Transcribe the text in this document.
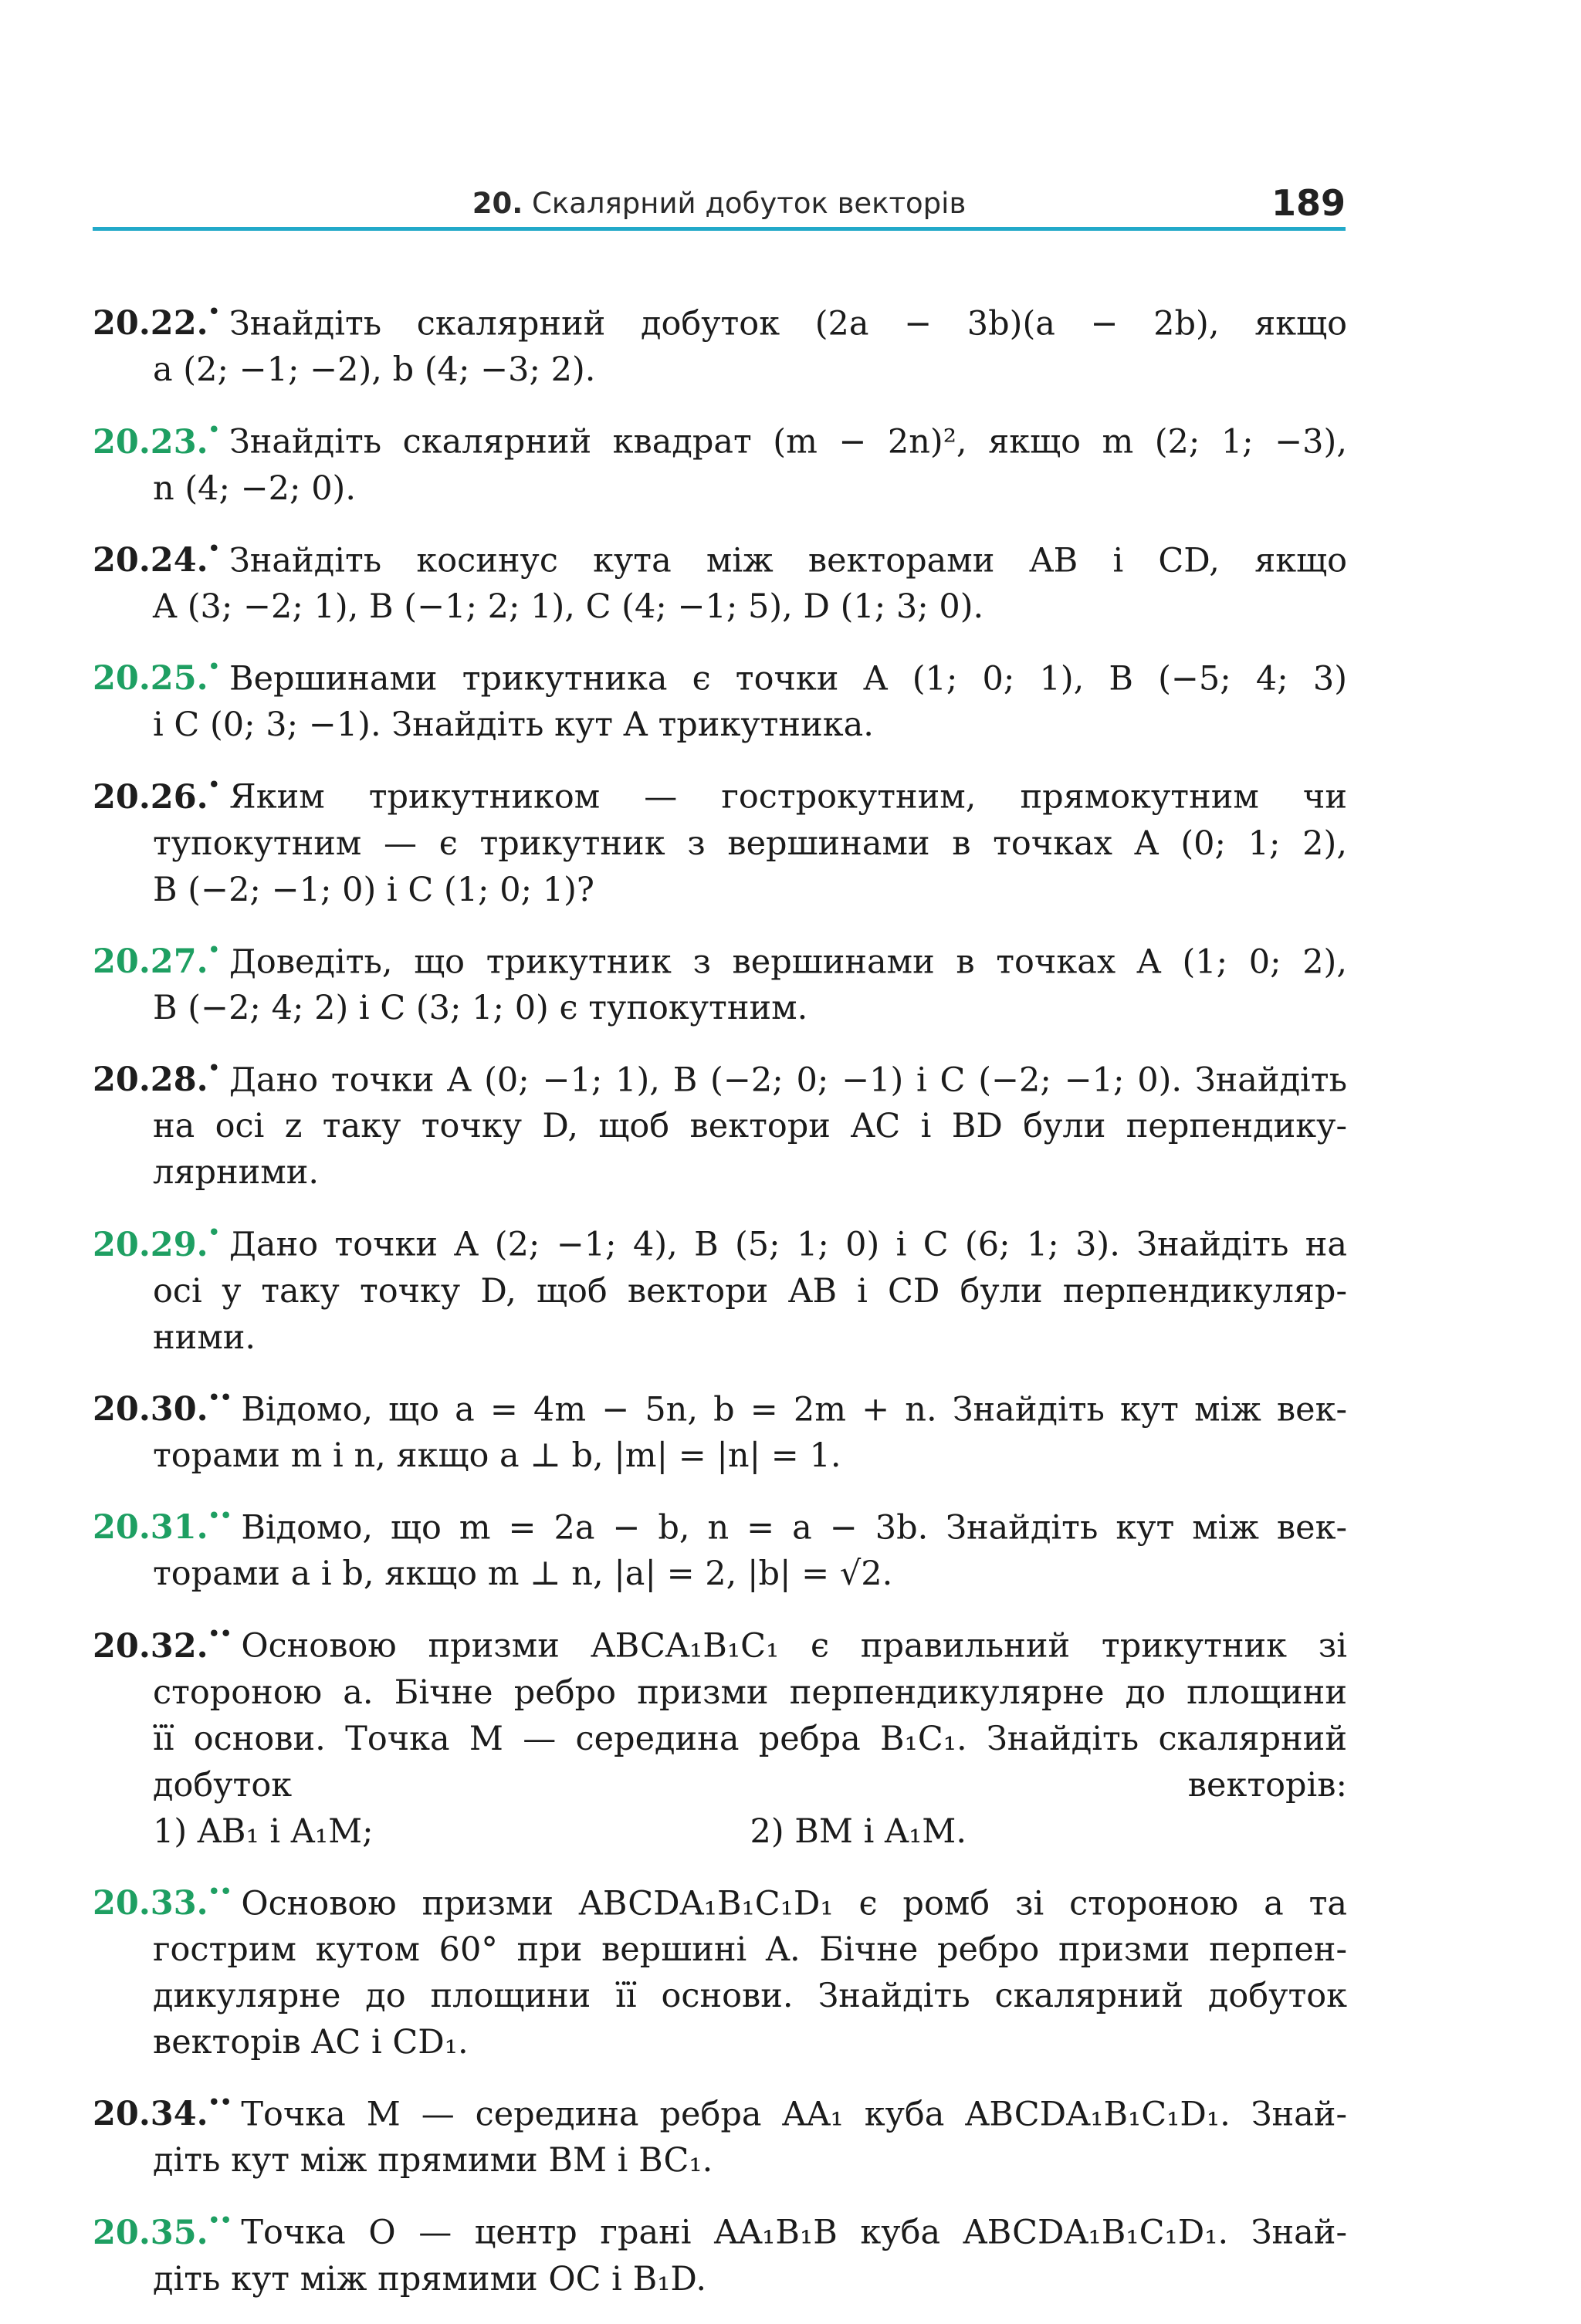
20. Скалярний добуток векторів	189
20.22.• Знайдіть скалярний добуток (2a − 3b)(a − 2b), якщо
a (2; −1; −2), b (4; −3; 2).
20.23.• Знайдіть скалярний квадрат (m − 2n)², якщо m (2; 1; −3),
n (4; −2; 0).
20.24.• Знайдіть косинус кута між векторами AB і CD, якщо
A (3; −2; 1), B (−1; 2; 1), C (4; −1; 5), D (1; 3; 0).
20.25.• Вершинами трикутника є точки A (1; 0; 1), B (−5; 4; 3)
і C (0; 3; −1). Знайдіть кут A трикутника.
20.26.• Яким трикутником — гострокутним, прямокутним чи
тупокутним — є трикутник з вершинами в точках A (0; 1; 2),
B (−2; −1; 0) і C (1; 0; 1)?
20.27.• Доведіть, що трикутник з вершинами в точках A (1; 0; 2),
B (−2; 4; 2) і C (3; 1; 0) є тупокутним.
20.28.• Дано точки A (0; −1; 1), B (−2; 0; −1) і C (−2; −1; 0). Знайдіть
на осі z таку точку D, щоб вектори AC і BD були перпендику-
лярними.
20.29.• Дано точки A (2; −1; 4), B (5; 1; 0) і C (6; 1; 3). Знайдіть на
осі y таку точку D, щоб вектори AB і CD були перпендикуляр-
ними.
20.30.•• Відомо, що a = 4m − 5n, b = 2m + n. Знайдіть кут між век-
торами m і n, якщо a ⊥ b, |m| = |n| = 1.
20.31.•• Відомо, що m = 2a − b, n = a − 3b. Знайдіть кут між век-
торами a і b, якщо m ⊥ n, |a| = 2, |b| = √2.
20.32.•• Основою призми ABCA₁B₁C₁ є правильний трикутник зі
стороною a. Бічне ребро призми перпендикулярне до площини
її основи. Точка M — середина ребра B₁C₁. Знайдіть скалярний
добуток векторів:
1) AB₁ і A₁M;	2) BM і A₁M.
20.33.•• Основою призми ABCDA₁B₁C₁D₁ є ромб зі стороною a та
гострим кутом 60° при вершині A. Бічне ребро призми перпен-
дикулярне до площини її основи. Знайдіть скалярний добуток
векторів AC і CD₁.
20.34.•• Точка M — середина ребра AA₁ куба ABCDA₁B₁C₁D₁. Знай-
діть кут між прямими BM і BC₁.
20.35.•• Точка O — центр грані AA₁B₁B куба ABCDA₁B₁C₁D₁. Знай-
діть кут між прямими OC і B₁D.
